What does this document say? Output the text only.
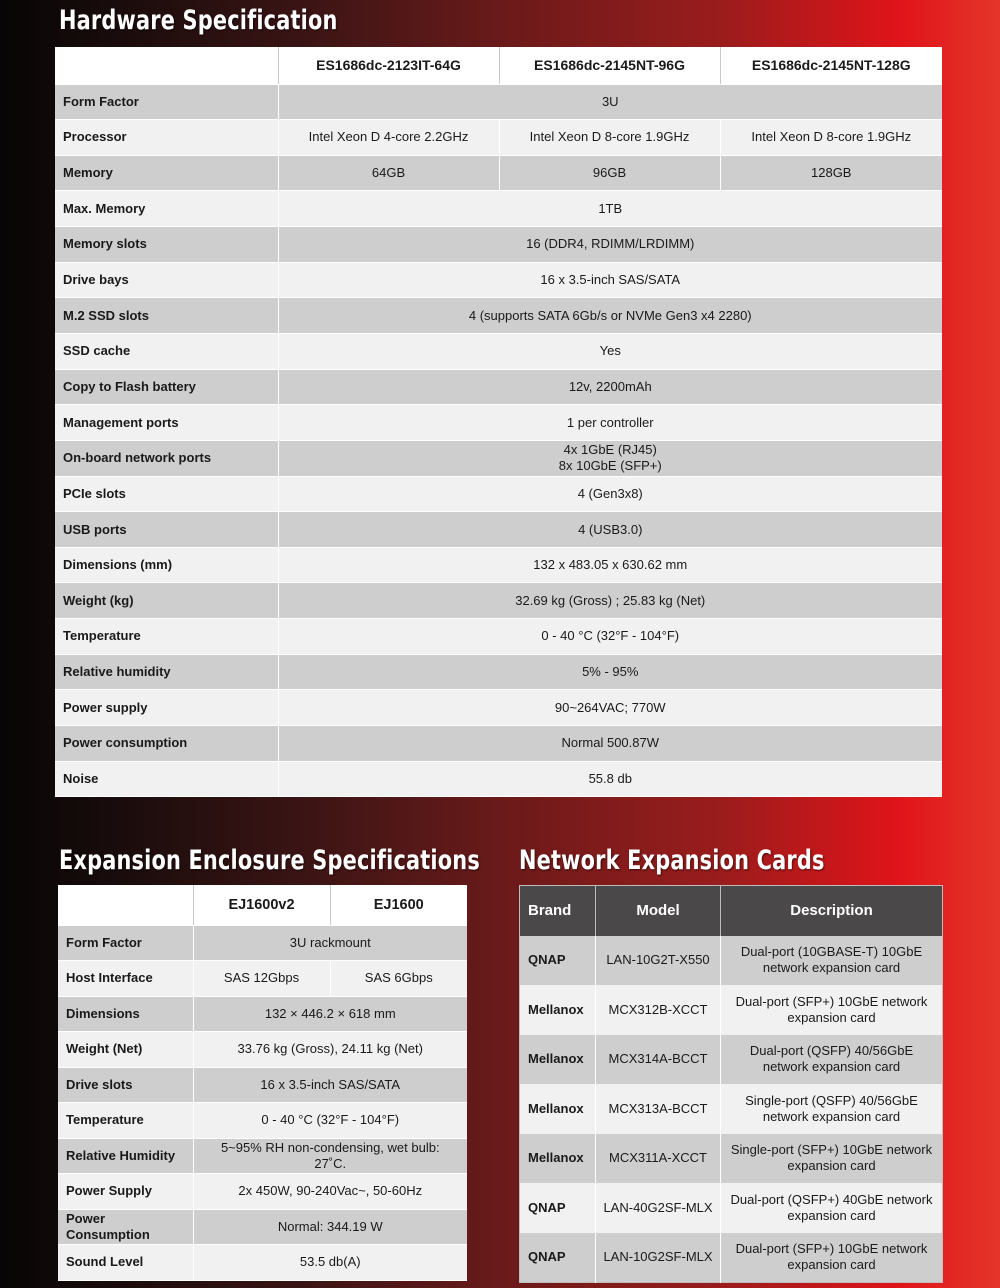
Hardware Specification
	ES1686dc-2123IT-64G	ES1686dc-2145NT-96G	ES1686dc-2145NT-128G
Form Factor	3U		
Processor	Intel Xeon D 4-core 2.2GHz	Intel Xeon D 8-core 1.9GHz	Intel Xeon D 8-core 1.9GHz
Memory	64GB	96GB	128GB
Max. Memory	1TB		
Memory slots	16 (DDR4, RDIMM/LRDIMM)		
Drive bays	16 x 3.5-inch SAS/SATA		
M.2 SSD slots	4 (supports SATA 6Gb/s or NVMe Gen3 x4 2280)		
SSD cache	Yes		
Copy to Flash battery	12v, 2200mAh		
Management ports	1 per controller		
On-board network ports	4x 1GbE (RJ45)
8x 10GbE (SFP+)		
PCIe slots	4 (Gen3x8)		
USB ports	4 (USB3.0)		
Dimensions (mm)	132 x 483.05 x 630.62 mm		
Weight (kg)	32.69 kg (Gross) ; 25.83 kg (Net)		
Temperature	0 - 40 °C (32°F - 104°F)		
Relative humidity	5% - 95%		
Power supply	90~264VAC; 770W		
Power consumption	Normal 500.87W		
Noise	55.8 db		
Expansion Enclosure Specifications
	EJ1600v2	EJ1600
Form Factor	3U rackmount	
Host Interface	SAS 12Gbps	SAS 6Gbps
Dimensions	132 × 446.2 × 618 mm	
Weight (Net)	33.76 kg (Gross), 24.11 kg (Net)	
Drive slots	16 x 3.5-inch SAS/SATA	
Temperature	0 - 40 °C (32°F - 104°F)	
Relative Humidity	5~95% RH non-condensing, wet bulb:
27˚C.	
Power Supply	2x 450W, 90-240Vac~, 50-60Hz	
Power Consumption	Normal: 344.19 W	
Sound Level	53.5 db(A)	
Network Expansion Cards
Brand	Model	Description
QNAP	LAN-10G2T-X550	Dual-port (10GBASE-T) 10GbE
network expansion card
Mellanox	MCX312B-XCCT	Dual-port (SFP+) 10GbE network
expansion card
Mellanox	MCX314A-BCCT	Dual-port (QSFP) 40/56GbE
network expansion card
Mellanox	MCX313A-BCCT	Single-port (QSFP) 40/56GbE
network expansion card
Mellanox	MCX311A-XCCT	Single-port (SFP+) 10GbE network
expansion card
QNAP	LAN-40G2SF-MLX	Dual-port (QSFP+) 40GbE network
expansion card
QNAP	LAN-10G2SF-MLX	Dual-port (SFP+) 10GbE network
expansion card
